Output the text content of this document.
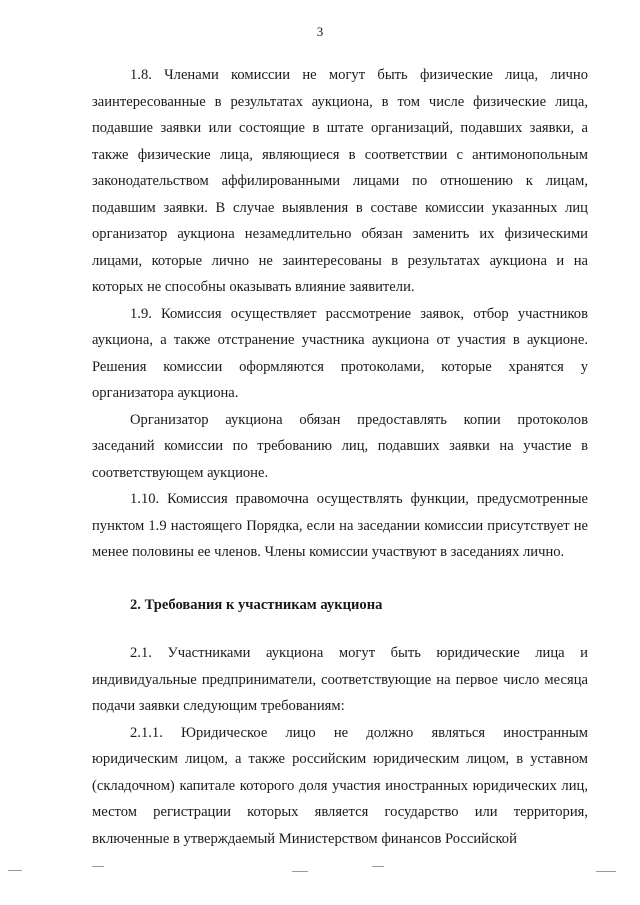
3

1.8. Членами комиссии не могут быть физические лица, лично заинтересованные в результатах аукциона, в том числе физические лица, подавшие заявки или состоящие в штате организаций, подавших заявки, а также физические лица, являющиеся в соответствии с антимонопольным законодательством аффилированными лицами по отношению к лицам, подавшим заявки. В случае выявления в составе комиссии указанных лиц организатор аукциона незамедлительно обязан заменить их физическими лицами, которые лично не заинтересованы в результатах аукциона и на которых не способны оказывать влияние заявители.

1.9. Комиссия осуществляет рассмотрение заявок, отбор участников аукциона, а также отстранение участника аукциона от участия в аукционе. Решения комиссии оформляются протоколами, которые хранятся у организатора аукциона.

Организатор аукциона обязан предоставлять копии протоколов заседаний комиссии по требованию лиц, подавших заявки на участие в соответствующем аукционе.

1.10. Комиссия правомочна осуществлять функции, предусмотренные пунктом 1.9 настоящего Порядка, если на заседании комиссии присутствует не менее половины ее членов. Члены комиссии участвуют в заседаниях лично.

2. Требования к участникам аукциона

2.1. Участниками аукциона могут быть юридические лица и индивидуальные предприниматели, соответствующие на первое число месяца подачи заявки следующим требованиям:

2.1.1. Юридическое лицо не должно являться иностранным юридическим лицом, а также российским юридическим лицом, в уставном (складочном) капитале которого доля участия иностранных юридических лиц, местом регистрации которых является государство или территория, включенные в утверждаемый Министерством финансов Российской
